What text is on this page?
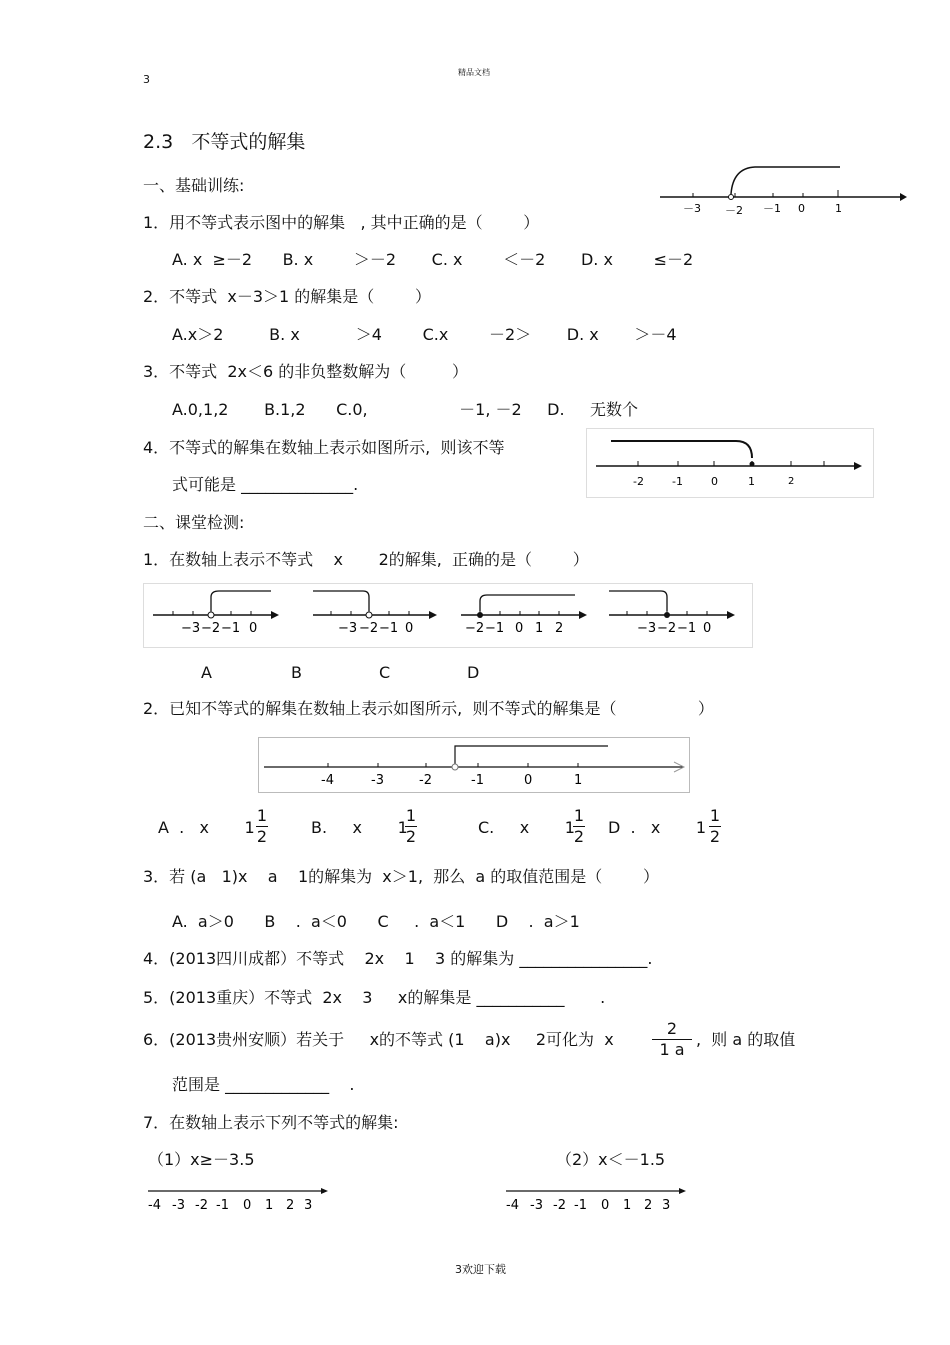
3
精品文档
3欢迎下载
2.3   不等式的解集
一、基础训练:
－3 －2 －1 0	1
1．用不等式表示图中的解集   , 其中正确的是（        ）
A. x  ≥－2      B. x        ＞－2       C. x        ＜－2       D. x        ≤－2
2．不等式  x－3＞1 的解集是（        ）
A.x＞2         B. x           ＞4        C.x        －2＞       D. x       ＞－4
3．不等式  2x＜6 的非负整数解为（         ）
A.0,1,2       B.1,2      C.0,                  －1, －2     D.     无数个
4．不等式的解集在数轴上表示如图所示,  则该不等
式可能是 ______________.	-2	-1	0	1	2
二、课堂检测:
1．在数轴上表示不等式    x       2的解集,  正确的是（        ）
−3 −2 −1 0	−3 −2 −1 0	−2 −1 0 1 2	−3 −2 −1 0
A	B	C	D
2．已知不等式的解集在数轴上表示如图所示,  则不等式的解集是（                ）
-4	-3	-2	-1	0	1
A  .   x       1
1
2	B.     x       1
1
2	C.     x       1
1
2 D  .   x       1
1
2
3．若 (a   1)x    a    1的解集为  x＞1,  那么  a 的取值范围是（        ）
A.  a＞0      B    .  a＜0      C     .  a＜1      D    .  a＞1
4．(2013四川成都）不等式    2x    1    3 的解集为 ________________.
5．(2013重庆）不等式  2x    3     x的解集是 ___________       .
6．(2013贵州安顺）若关于     x的不等式 (1    a)x     2可化为  x
2
1 a
,  则 a 的取值
范围是 _____________    .
7．在数轴上表示下列不等式的解集:
（1）x≥－3.5	（2）x＜－1.5
-4 -3 -2 -1 0 1 2 3	-4 -3 -2 -1 0 1 2 3
